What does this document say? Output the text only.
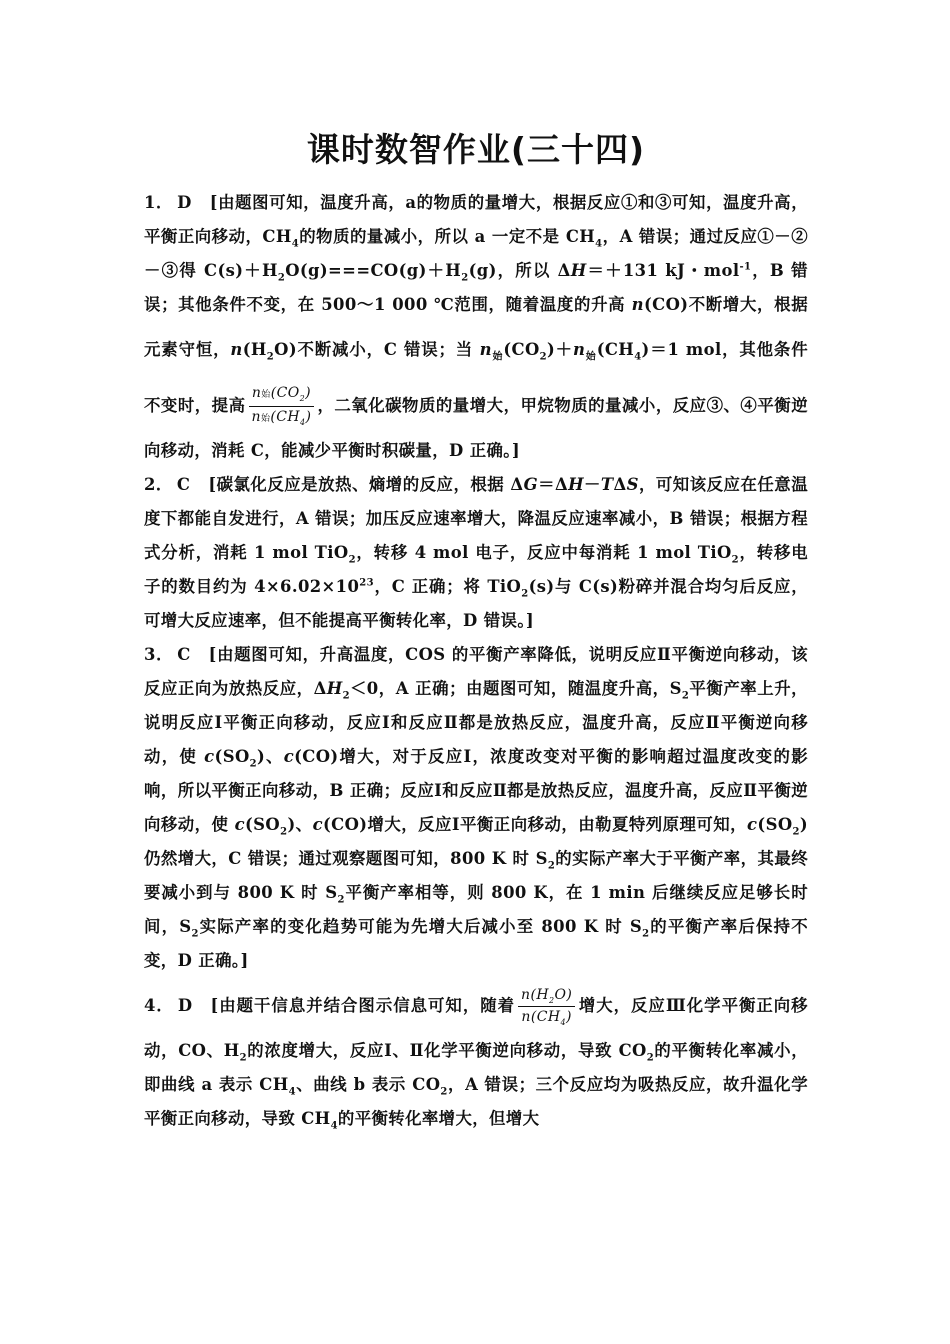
课时数智作业(三十四)

1． D [由题图可知，温度升高，a的物质的量增大，根据反应①和③可知，温度升高，平衡正向移动，$CH_4$的物质的量减小，所以 a 一定不是 $CH_4$，A 错误；通过反应①－②－③得 $C(s)+H_2O(g)===CO(g)+H_2(g)$，所以 ΔH＝＋131 kJ・mol$^{-1}$，B 错误；其他条件不变，在 500～1 000 ℃范围，随着温度的升高 n(CO)不断增大，根据元素守恒，$n(H_2O)$不断减小，C 错误；当 $n_始(CO_2)+n_始(CH_4)=1$ mol，其他条件不变时，提高 $\frac{n始(CO_2)}{n始(CH_4)}$ ，二氧化碳物质的量增大，甲烷物质的量减小，反应③、④平衡逆向移动，消耗 C，能减少平衡时积碳量，D 正确。]

2． C [碳氯化反应是放热、熵增的反应，根据 ΔG＝ΔH－TΔS，可知该反应在任意温度下都能自发进行，A 错误；加压反应速率增大，降温反应速率减小，B 错误；根据方程式分析，消耗 1 mol TiO$_2$，转移 4 mol 电子，反应中每消耗 1 mol TiO$_2$，转移电子的数目约为 $4\times 6.02\times 10^{23}$，C 正确；将 TiO$_2$(s)与 C(s)粉碎并混合均匀后反应，可增大反应速率，但不能提高平衡转化率，D 错误。]

3． C [由题图可知，升高温度，COS 的平衡产率降低，说明反应Ⅱ平衡逆向移动，该反应正向为放热反应，$\Delta H_2<0$，A 正确；由题图可知，随温度升高，$S_2$平衡产率上升，说明反应Ⅰ平衡正向移动，反应Ⅰ和反应Ⅱ都是放热反应，温度升高，反应Ⅱ平衡逆向移动，使 $c(SO_2)$、c(CO)增大，对于反应Ⅰ，浓度改变对平衡的影响超过温度改变的影响，所以平衡正向移动，B 正确；反应Ⅰ和反应Ⅱ都是放热反应，温度升高，反应Ⅱ平衡逆向移动，使 $c(SO_2)$、c(CO)增大，反应Ⅰ平衡正向移动，由勒夏特列原理可知，$c(SO_2)$仍然增大，C 错误；通过观察题图可知，800 K 时 $S_2$的实际产率大于平衡产率，其最终要减小到与 800 K 时 $S_2$平衡产率相等，则 800 K，在 1 min 后继续反应足够长时间，$S_2$实际产率的变化趋势可能为先增大后减小至 800 K 时 $S_2$的平衡产率后保持不变，D 正确。]

4． D [由题干信息并结合图示信息可知，随着 $\frac{n(H_2O)}{n(CH_4)}$ 增大，反应Ⅲ化学平衡正向移动，CO、$H_2$的浓度增大，反应Ⅰ、Ⅱ化学平衡逆向移动，导致 $CO_2$的平衡转化率减小，即曲线 a 表示 $CH_4$、曲线 b 表示 $CO_2$，A 错误；三个反应均为吸热反应，故升温化学平衡正向移动，导致 $CH_4$的平衡转化率增大，但增大
